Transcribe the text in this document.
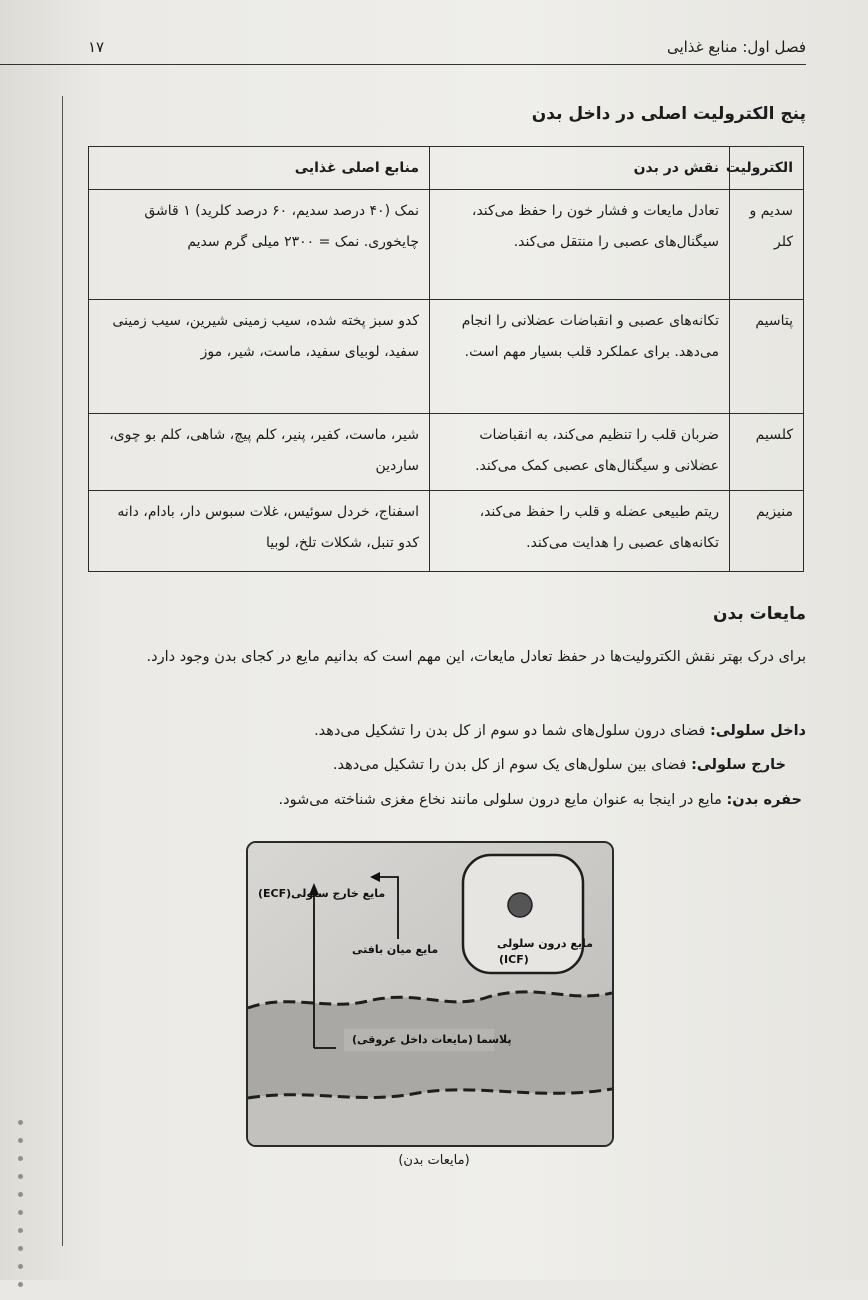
فصل اول: منابع غذایی
۱۷
پنج الکترولیت اصلی در داخل بدن
الکترولیت	نقش در بدن	منابع اصلی غذایی
سدیم و کلر	تعادل مایعات و فشار خون را حفظ می‌کند، سیگنال‌های عصبی را منتقل می‌کند.	نمک (۴۰ درصد سدیم، ۶۰ درصد کلرید) ۱ قاشق چایخوری. نمک = ۲۳۰۰ میلی گرم سدیم
پتاسیم	تکانه‌های عصبی و انقباضات عضلانی را انجام می‌دهد. برای عملکرد قلب بسیار مهم است.	کدو سبز پخته شده، سیب زمینی شیرین، سیب زمینی سفید، لوبیای سفید، ماست، شیر، موز
کلسیم	ضربان قلب را تنظیم می‌کند، به انقباضات عضلانی و سیگنال‌های عصبی کمک می‌کند.	شیر، ماست، کفیر، پنیر، کلم پیچ، شاهی، کلم بو چوی، ساردین
منیزیم	ریتم طبیعی عضله و قلب را حفظ می‌کند، تکانه‌های عصبی را هدایت می‌کند.	اسفناج، خردل سوئیس، غلات سبوس دار، بادام، دانه کدو تنبل، شکلات تلخ، لوبیا
مایعات بدن
برای درک بهتر نقش الکترولیت‌ها در حفظ تعادل مایعات، این مهم است که بدانیم مایع در کجای بدن وجود دارد.
داخل سلولی: فضای درون سلول‌های شما دو سوم از کل بدن را تشکیل می‌دهد.
خارج سلولی: فضای بین سلول‌های یک سوم از کل بدن را تشکیل می‌دهد.
حفره بدن: مایع در اینجا به عنوان مایع درون سلولی مانند نخاع مغزی شناخته می‌شود.
مایع خارج سلولی(ECF)
مایع میان بافتی	مایع درون سلولی
(ICF)
پلاسما (مایعات داخل عروقی)
(مایعات بدن)
